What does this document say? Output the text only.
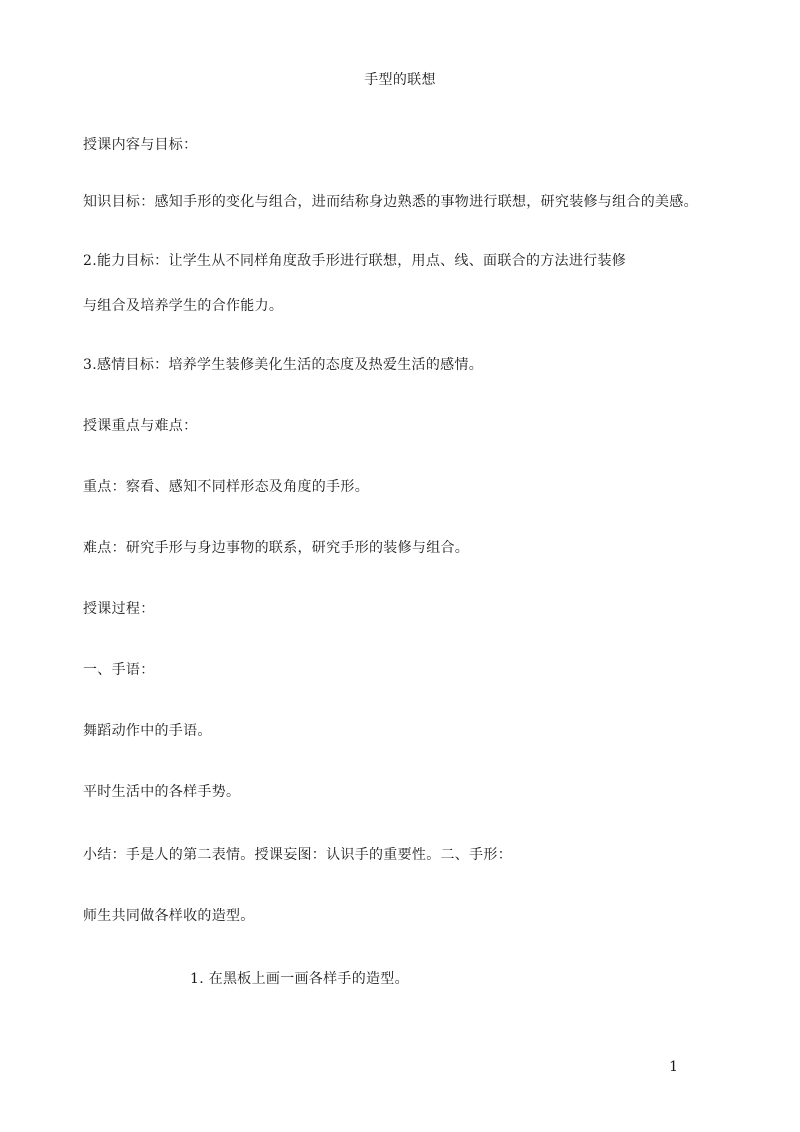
手型的联想
授课内容与目标：
知识目标：感知手形的变化与组合，进而结称身边熟悉的事物进行联想，研究装修与组合的美感。
2.能力目标：让学生从不同样角度敌手形进行联想，用点、线、面联合的方法进行装修
与组合及培养学生的合作能力。
3.感情目标：培养学生装修美化生活的态度及热爱生活的感情。
授课重点与难点：
重点：察看、感知不同样形态及角度的手形。
难点：研究手形与身边事物的联系，研究手形的装修与组合。
授课过程：
一、手语：
舞蹈动作中的手语。
平时生活中的各样手势。
小结：手是人的第二表情。授课妄图：认识手的重要性。二、手形：
师生共同做各样收的造型。
1. 在黑板上画一画各样手的造型。
1
